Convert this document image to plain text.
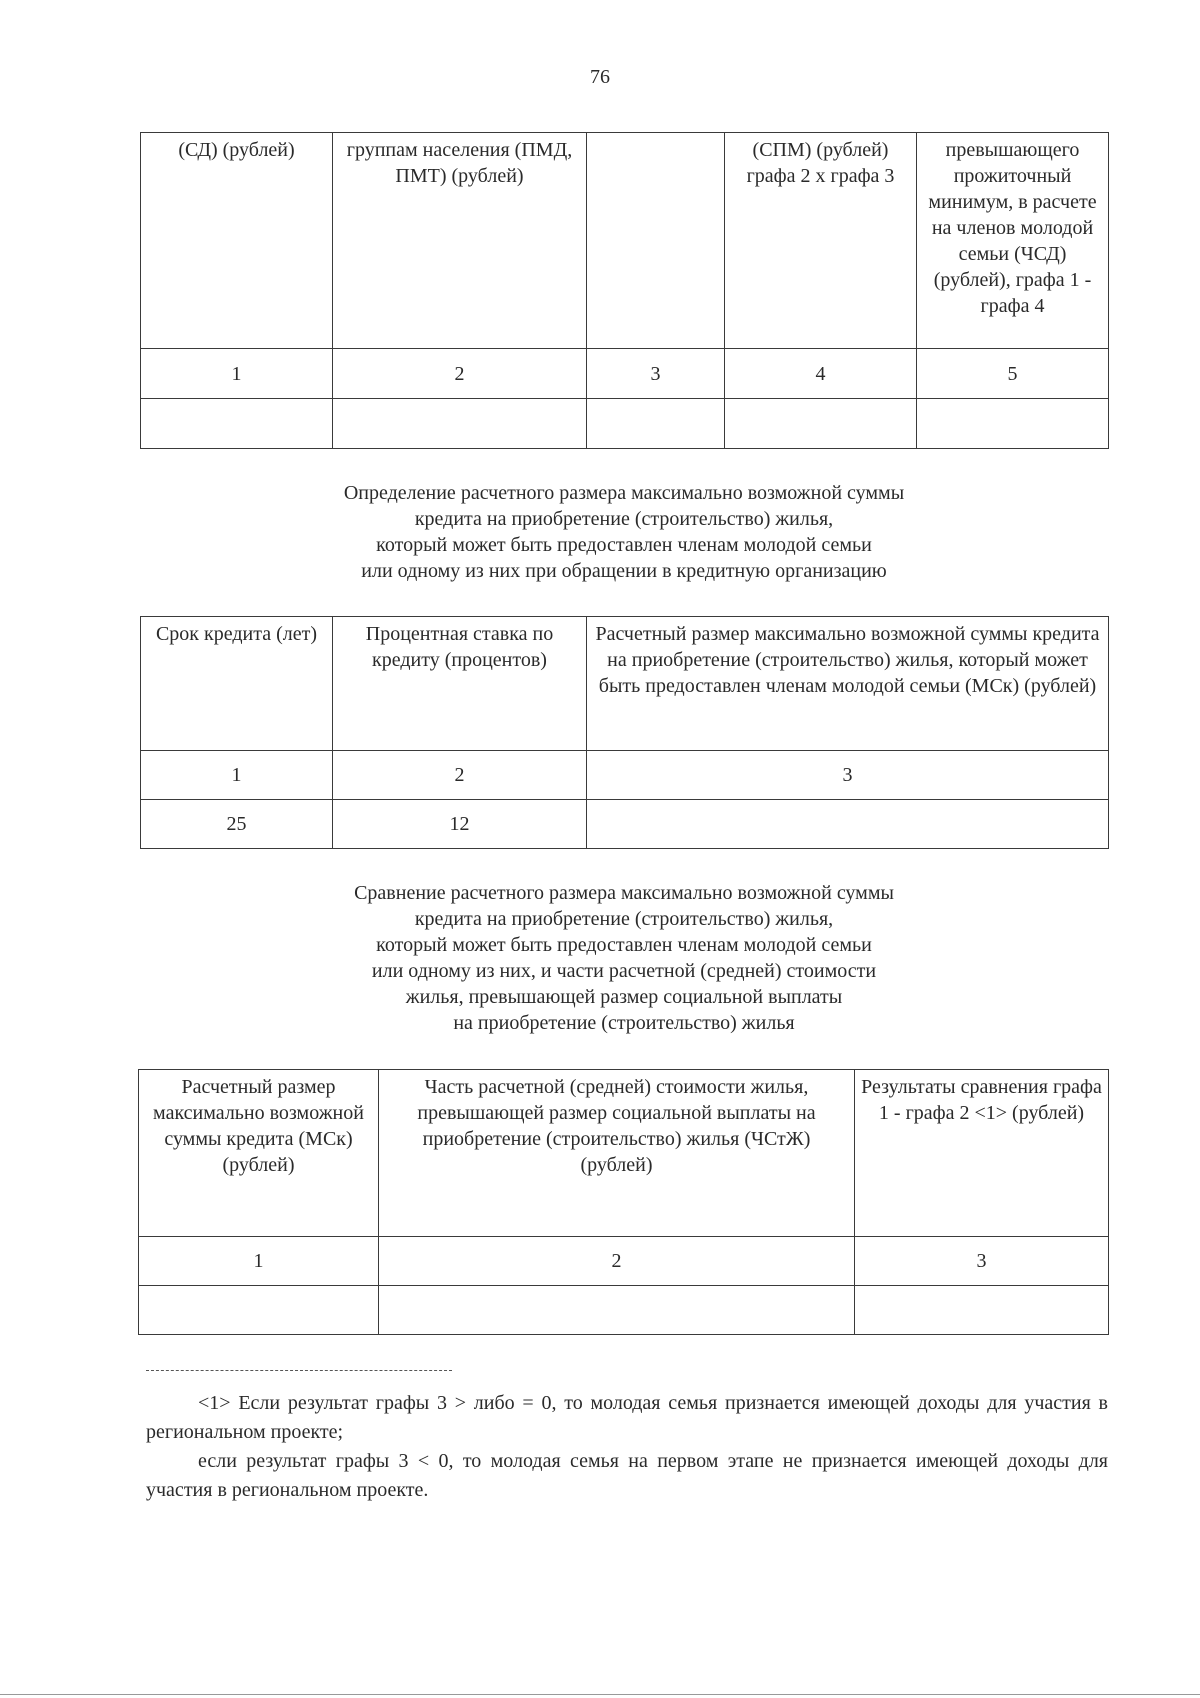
76
(СД) (рублей)	группам населения (ПМД, ПМТ) (рублей)		(СПМ) (рублей) графа 2 х графа 3	превышающего прожиточный минимум, в расчете на членов молодой семьи (ЧСД) (рублей), графа 1 - графа 4
1	2	3	4	5

Определение расчетного размера максимально возможной суммы
кредита на приобретение (строительство) жилья,
который может быть предоставлен членам молодой семьи
или одному из них при обращении в кредитную организацию
Срок кредита (лет)	Процентная ставка по кредиту (процентов)	Расчетный размер максимально возможной суммы кредита на приобретение (строительство) жилья, который может быть предоставлен членам молодой семьи (МСк) (рублей)
1	2	3
25	12	
Сравнение расчетного размера максимально возможной суммы
кредита на приобретение (строительство) жилья,
который может быть предоставлен членам молодой семьи
или одному из них, и части расчетной (средней) стоимости
жилья, превышающей размер социальной выплаты
на приобретение (строительство) жилья
Расчетный размер максимально возможной суммы кредита (МСк) (рублей)	Часть расчетной (средней) стоимости жилья, превышающей размер социальной выплаты на приобретение (строительство) жилья (ЧСтЖ) (рублей)	Результаты сравнения графа 1 - графа 2 <1> (рублей)
1	2	3

<1> Если результат графы 3 > либо = 0, то молодая семья признается имеющей доходы для участия в региональном проекте;
если результат графы 3 < 0, то молодая семья на первом этапе не признается имеющей доходы для участия в региональном проекте.
